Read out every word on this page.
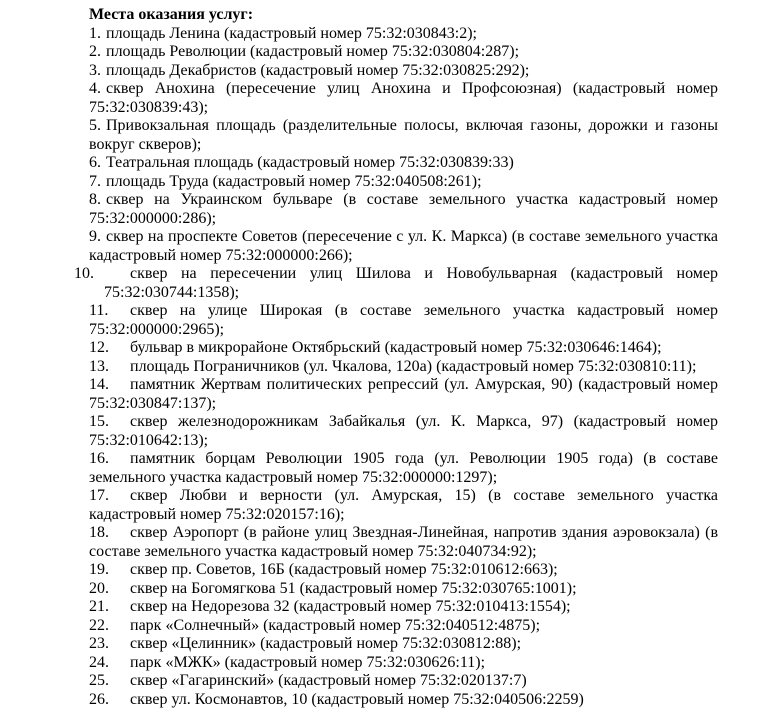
Места оказания услуг:

1. площадь Ленина (кадастровый номер 75:32:030843:2);

2. площадь Революции (кадастровый номер 75:32:030804:287);

3. площадь Декабристов (кадастровый номер 75:32:030825:292);

4. сквер Анохина (пересечение улиц Анохина и Профсоюзная) (кадастровый номер 75:32:030839:43);

5. Привокзальная площадь (разделительные полосы, включая газоны, дорожки и газоны вокруг скверов);

6. Театральная площадь (кадастровый номер 75:32:030839:33)

7. площадь Труда (кадастровый номер 75:32:040508:261);

8. сквер на Украинском бульваре (в составе земельного участка кадастровый номер 75:32:000000:286);

9. сквер на проспекте Советов (пересечение с ул. К. Маркса) (в составе земельного участка кадастровый номер 75:32:000000:266);

10. сквер на пересечении улиц Шилова и Новобульварная (кадастровый номер 75:32:030744:1358);

11. сквер на улице Широкая (в составе земельного участка кадастровый номер 75:32:000000:2965);

12. бульвар в микрорайоне Октябрьский (кадастровый номер 75:32:030646:1464);

13. площадь Пограничников (ул. Чкалова, 120а) (кадастровый номер 75:32:030810:11);

14. памятник Жертвам политических репрессий (ул. Амурская, 90) (кадастровый номер 75:32:030847:137);

15. сквер железнодорожникам Забайкалья (ул. К. Маркса, 97) (кадастровый номер 75:32:010642:13);

16. памятник борцам Революции 1905 года (ул. Революции 1905 года) (в составе земельного участка кадастровый номер 75:32:000000:1297);

17. сквер Любви и верности (ул. Амурская, 15) (в составе земельного участка кадастровый номер 75:32:020157:16);

18. сквер Аэропорт (в районе улиц Звездная-Линейная, напротив здания аэровокзала) (в составе земельного участка кадастровый номер 75:32:040734:92);

19. сквер пр. Советов, 16Б (кадастровый номер 75:32:010612:663);

20. сквер на Богомягкова 51 (кадастровый номер 75:32:030765:1001);

21. сквер на Недорезова 32 (кадастровый номер 75:32:010413:1554);

22. парк «Солнечный» (кадастровый номер 75:32:040512:4875);

23. сквер «Целинник» (кадастровый номер 75:32:030812:88);

24. парк «МЖК» (кадастровый номер 75:32:030626:11);

25. сквер «Гагаринский» (кадастровый номер 75:32:020137:7)

26. сквер ул. Космонавтов, 10 (кадастровый номер 75:32:040506:2259)
